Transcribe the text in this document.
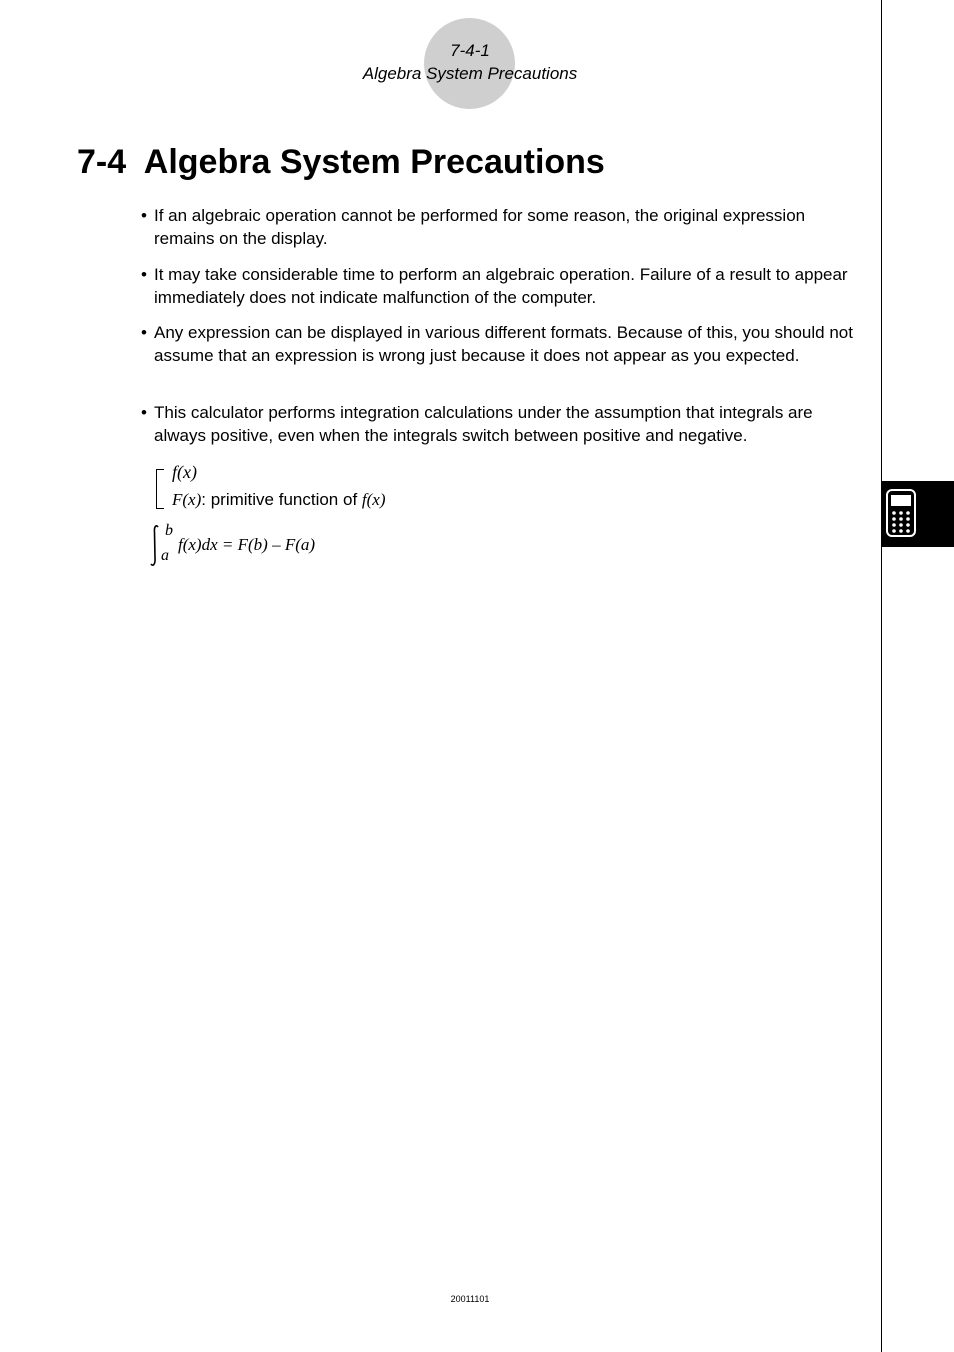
7-4-1
Algebra System Precautions
7-4 Algebra System Precautions
• If an algebraic operation cannot be performed for some reason, the original expression remains on the display.
• It may take considerable time to perform an algebraic operation. Failure of a result to appear immediately does not indicate malfunction of the computer.
• Any expression can be displayed in various different formats. Because of this, you should not assume that an expression is wrong just because it does not appear as you expected.
• This calculator performs integration calculations under the assumption that integrals are always positive, even when the integrals switch between positive and negative.
f(x)
F(x): primitive function of f(x)
b
a
f(x)dx = F(b) – F(a)
20011101
